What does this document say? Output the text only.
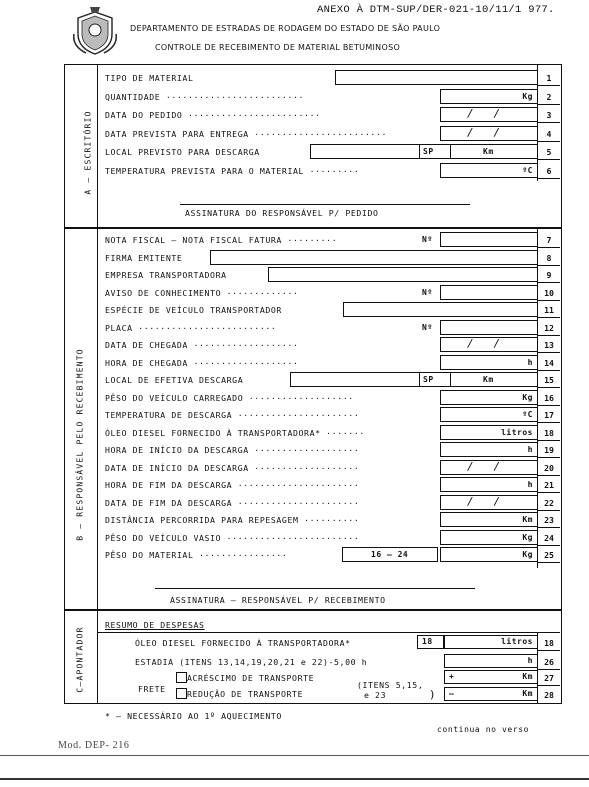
ANEXO À DTM-SUP/DER-021-10/11/1 977.
DEPARTAMENTO DE ESTRADAS DE RODAGEM DO ESTADO DE SÃO PAULO
CONTROLE DE RECEBIMENTO DE MATERIAL BETUMINOSO
A — ESCRITÓRIO
B — RESPONSÁVEL PELO RECEBIMENTO
C—APONTADOR
TIPO DE MATERIAL	1
QUANTIDADE ·························	2
Kg
DATA DO PEDIDO ························	3
/   /
DATA PREVISTA PARA ENTREGA ························	4
/   /
LOCAL PREVISTO PARA DESCARGA	5
SP	Km
TEMPERATURA PREVISTA PARA O MATERIAL ·········	6
ºC
ASSINATURA DO RESPONSÁVEL P/ PEDIDO
NOTA FISCAL — NOTA FISCAL FATURA ·········	7
Nº
FIRMA EMITENTE	8
EMPRESA TRANSPORTADORA	9
AVISO DE CONHECIMENTO ·············	10
Nº
ESPÉCIE DE VEÍCULO TRANSPORTADOR	11
PLACA ·························	12
Nº
DATA DE CHEGADA ···················	13
/   /
HORA DE CHEGADA ···················	14
h
LOCAL DE EFETIVA DESCARGA	15
SP	Km
PÊSO DO VEÍCULO CARREGADO ···················	16
Kg
TEMPERATURA DE DESCARGA ······················	17
ºC
ÓLEO DIESEL FORNECIDO À TRANSPORTADORA* ·······	18
litros
HORA DE INÍCIO DA DESCARGA ···················	19
h
DATA DE INÍCIO DA DESCARGA ···················	20
/   /
HORA DE FIM DA DESCARGA ······················	21
h
DATA DE FIM DA DESCARGA ······················	22
/   /
DISTÂNCIA PERCORRIDA PARA REPESAGEM ··········	23
Km
PÊSO DO VEÍCULO VASIO ························	24
Kg
PÊSO DO MATERIAL ················	25
16 — 24	Kg
ASSINATURA — RESPONSÁVEL P/ RECEBIMENTO
RESUMO DE DESPESAS
ÓLEO DIESEL FORNECIDO À TRANSPORTADORA*	18	litros	18
ESTADIA (ITENS 13,14,19,20,21 e 22)-5,00 h	h	26
FRETE
ACRÉSCIMO DE TRANSPORTE
REDUÇÃO DE TRANSPORTE
(ITENS 5,15,
e 23	)
+	Km	27
—	Km	28
* — NECESSÁRIO AO 1º AQUECIMENTO
continua no verso
Mod. DEP- 216
